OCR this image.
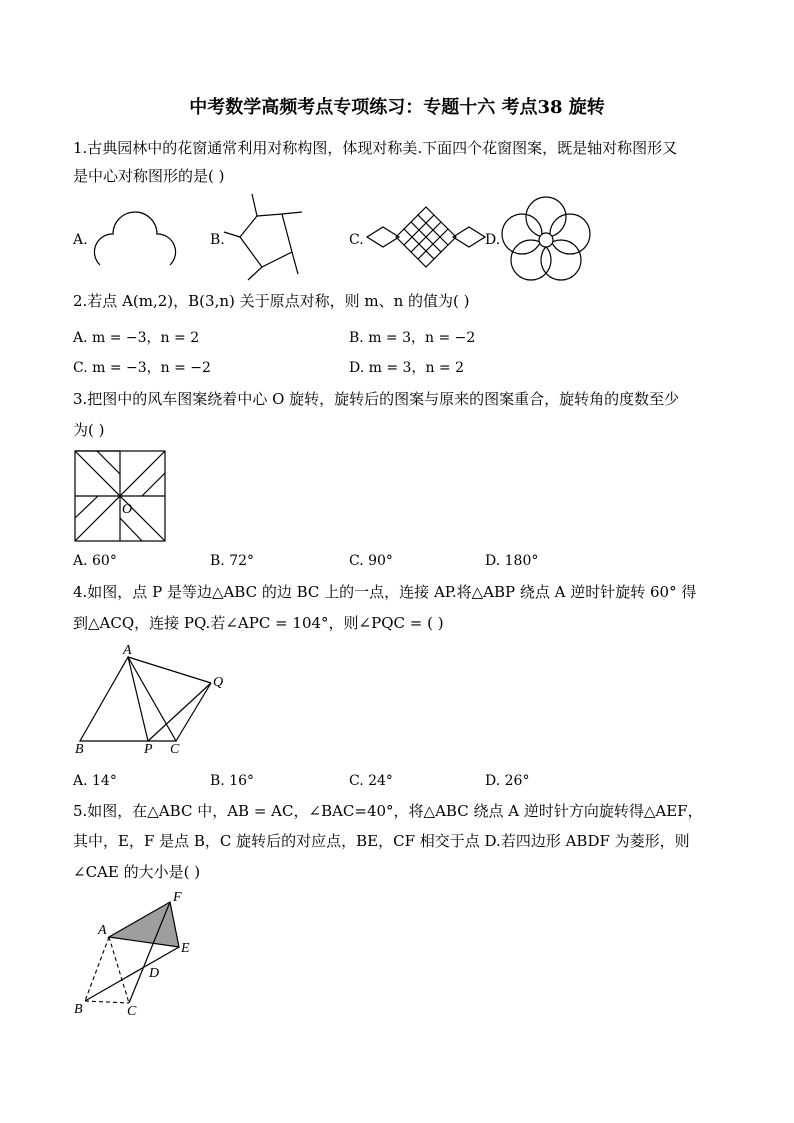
中考数学高频考点专项练习：专题十六 考点38 旋转
1.古典园林中的花窗通常利用对称构图，体现对称美.下面四个花窗图案，既是轴对称图形又
是中心对称图形的是( )
A.	B.	C.	D.
2.若点 A(m,2)，B(3,n) 关于原点对称，则 m、n 的值为( )
A. m = −3，n = 2	B. m = 3，n = −2
C. m = −3，n = −2	D. m = 3，n = 2
3.把图中的风车图案绕着中心 O 旋转，旋转后的图案与原来的图案重合，旋转角的度数至少
为( )
O
A. 60°	B. 72°	C. 90°	D. 180°
4.如图，点 P 是等边△ABC 的边 BC 上的一点，连接 AP.将△ABP 绕点 A 逆时针旋转 60° 得
到△ACQ，连接 PQ.若∠APC = 104°，则∠PQC = ( )
A
Q
B	P C
A. 14°	B. 16°	C. 24°	D. 26°
5.如图，在△ABC 中，AB = AC，∠BAC=40°，将△ABC 绕点 A 逆时针方向旋转得△AEF，
其中，E，F 是点 B，C 旋转后的对应点，BE，CF 相交于点 D.若四边形 ABDF 为菱形，则
∠CAE 的大小是( )
F
A
E
D
B	C
